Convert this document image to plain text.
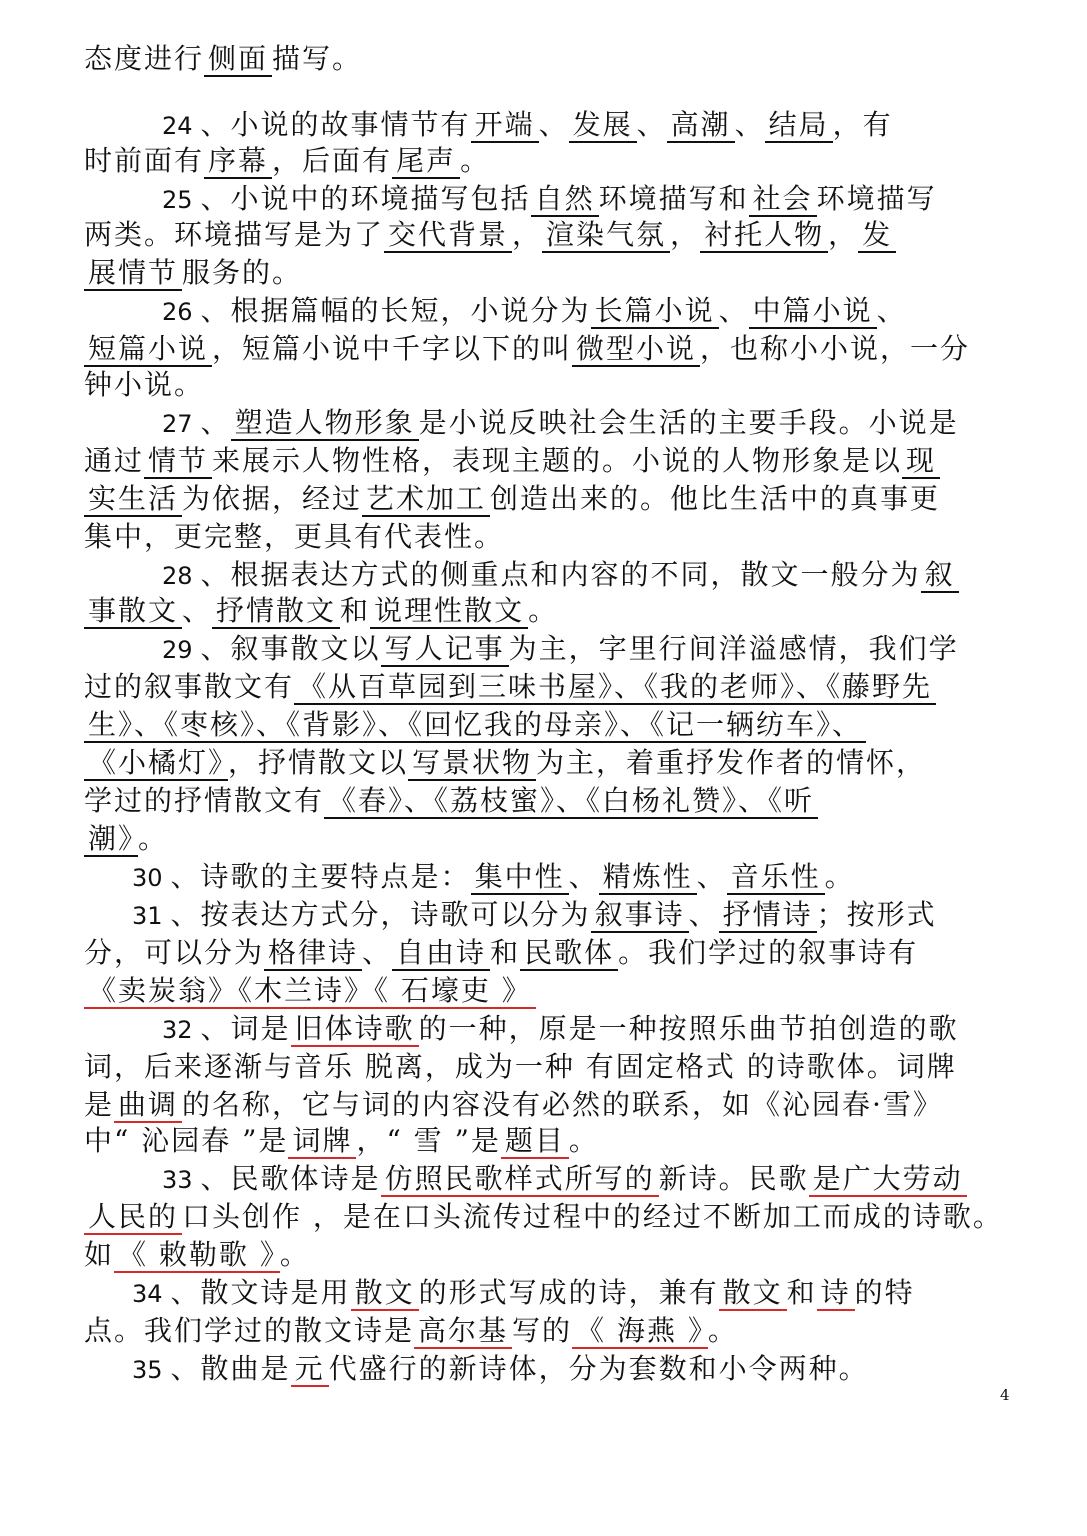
态度进行 侧面 描写。
24 、小说的故事情节有 开端 、 发展 、 高潮 、 结局 ，有
时前面有 序幕 ，后面有 尾声 。
25 、小说中的环境描写包括 自然 环境描写和 社会 环境描写
两类。环境描写是为了 交代背景 ， 渲染气氛 ， 衬托人物 ， 发
展情节 服务的。
26 、根据篇幅的长短，小说分为 长篇小说 、 中篇小说 、
短篇小说 ，短篇小说中千字以下的叫 微型小说 ，也称小小说，一分
钟小说。
27 、 塑造人物形象 是小说反映社会生活的主要手段。小说是
通过 情节 来展示人物性格，表现主题的。小说的人物形象是以 现
实生活 为依据，经过 艺术加工 创造出来的。他比生活中的真事更
集中，更完整，更具有代表性。
28 、根据表达方式的侧重点和内容的不同，散文一般分为 叙
事散文 、 抒情散文 和 说理性散文 。
29 、叙事散文以 写人记事 为主，字里行间洋溢感情，我们学
过的叙事散文有 《从百草园到三味书屋》、《我的老师》、《藤野先
生》、《枣核》、《背影》、《回忆我的母亲》、《记一辆纺车》、
《小橘灯》 ，抒情散文以 写景状物 为主，着重抒发作者的情怀，
学过的抒情散文有 《春》、《荔枝蜜》、《白杨礼赞》、《听
潮》 。
30 、诗歌的主要特点是： 集中性 、 精炼性 、 音乐性 。
31 、按表达方式分，诗歌可以分为 叙事诗 、 抒情诗 ；按形式
分，可以分为 格律诗 、 自由诗 和 民歌体 。我们学过的叙事诗有
《卖炭翁》《木兰诗》《 石壕吏 》
32 、词是 旧体诗歌 的一种，原是一种按照乐曲节拍创造的歌
词，后来逐渐与音乐 脱离，成为一种 有固定格式 的诗歌体。词牌
是 曲调 的名称，它与词的内容没有必然的联系，如《沁园春·雪》
中“ 沁园春 ”是 词牌 ，“ 雪 ”是 题目 。
33 、民歌体诗是 仿照民歌样式所写的 新诗。民歌 是广大劳动
人民的 口头创作 ，是在口头流传过程中的经过不断加工而成的诗歌。
如 《 敕勒歌 》 。
34 、散文诗是用 散文 的形式写成的诗，兼有 散文 和 诗 的特
点。我们学过的散文诗是 高尔基 写的 《 海燕 》 。
35 、散曲是 元 代盛行的新诗体，分为套数和小令两种。
4
